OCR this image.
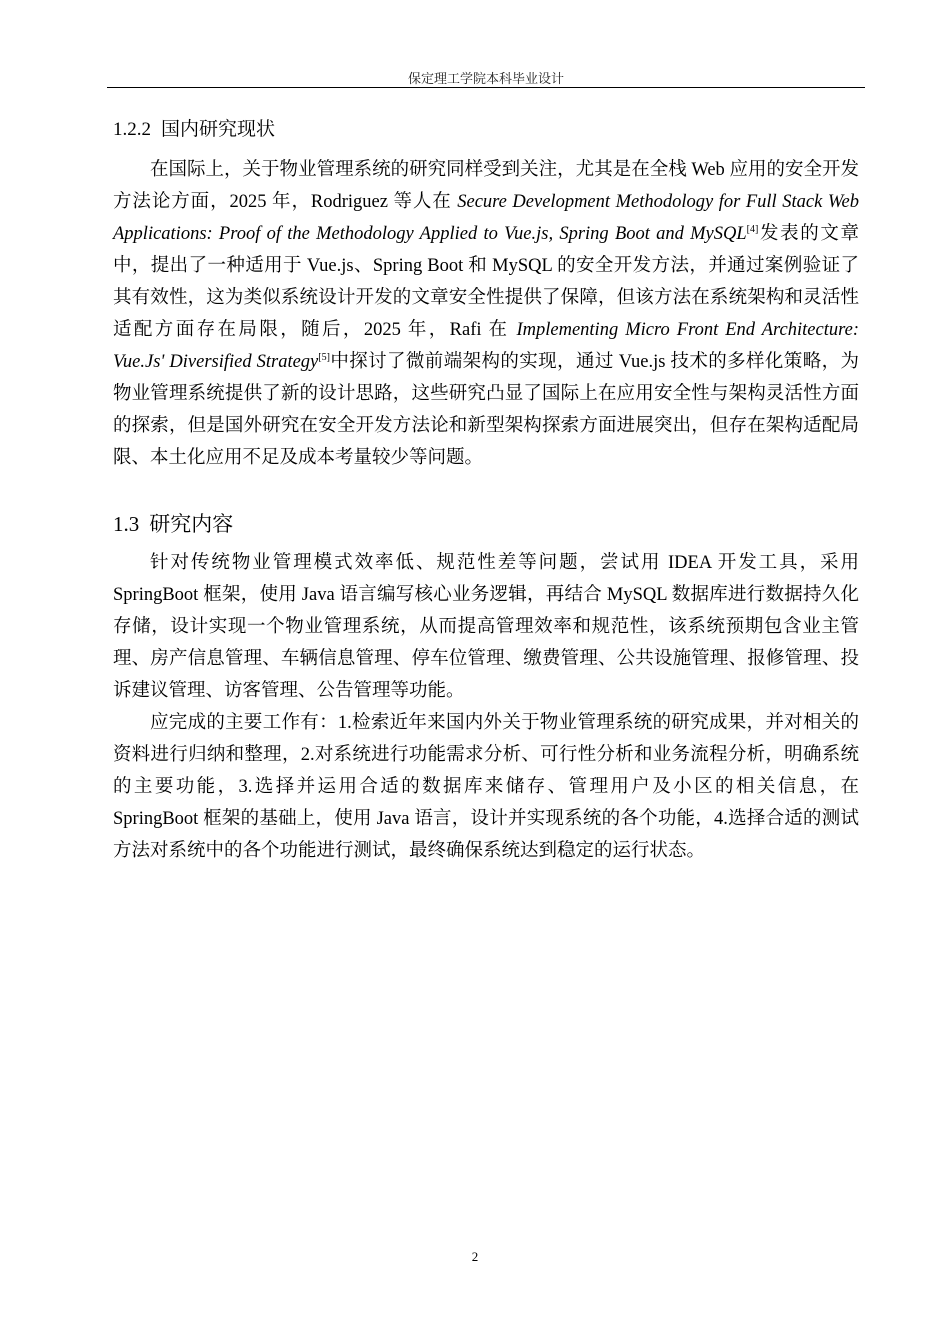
保定理工学院本科毕业设计
1.2.2 国内研究现状

在国际上，关于物业管理系统的研究同样受到关注，尤其是在全栈 Web 应用的安全开发方法论方面，2025 年，Rodriguez 等人在 Secure Development Methodology for Full Stack Web Applications: Proof of the Methodology Applied to Vue.js, Spring Boot and MySQL[4]发表的文章中，提出了一种适用于 Vue.js、Spring Boot 和 MySQL 的安全开发方法，并通过案例验证了其有效性，这为类似系统设计开发的文章安全性提供了保障，但该方法在系统架构和灵活性适配方面存在局限，随后，2025 年，Rafi 在 Implementing Micro Front End Architecture: Vue.Js' Diversified Strategy[5]中探讨了微前端架构的实现，通过 Vue.js 技术的多样化策略，为物业管理系统提供了新的设计思路，这些研究凸显了国际上在应用安全性与架构灵活性方面的探索，但是国外研究在安全开发方法论和新型架构探索方面进展突出，但存在架构适配局限、本土化应用不足及成本考量较少等问题。

1.3 研究内容

针对传统物业管理模式效率低、规范性差等问题，尝试用 IDEA 开发工具，采用 SpringBoot 框架，使用 Java 语言编写核心业务逻辑，再结合 MySQL 数据库进行数据持久化存储，设计实现一个物业管理系统，从而提高管理效率和规范性，该系统预期包含业主管理、房产信息管理、车辆信息管理、停车位管理、缴费管理、公共设施管理、报修管理、投诉建议管理、访客管理、公告管理等功能。

应完成的主要工作有：1.检索近年来国内外关于物业管理系统的研究成果，并对相关的资料进行归纳和整理，2.对系统进行功能需求分析、可行性分析和业务流程分析，明确系统的主要功能，3.选择并运用合适的数据库来储存、管理用户及小区的相关信息，在 SpringBoot 框架的基础上，使用 Java 语言，设计并实现系统的各个功能，4.选择合适的测试方法对系统中的各个功能进行测试，最终确保系统达到稳定的运行状态。

2
